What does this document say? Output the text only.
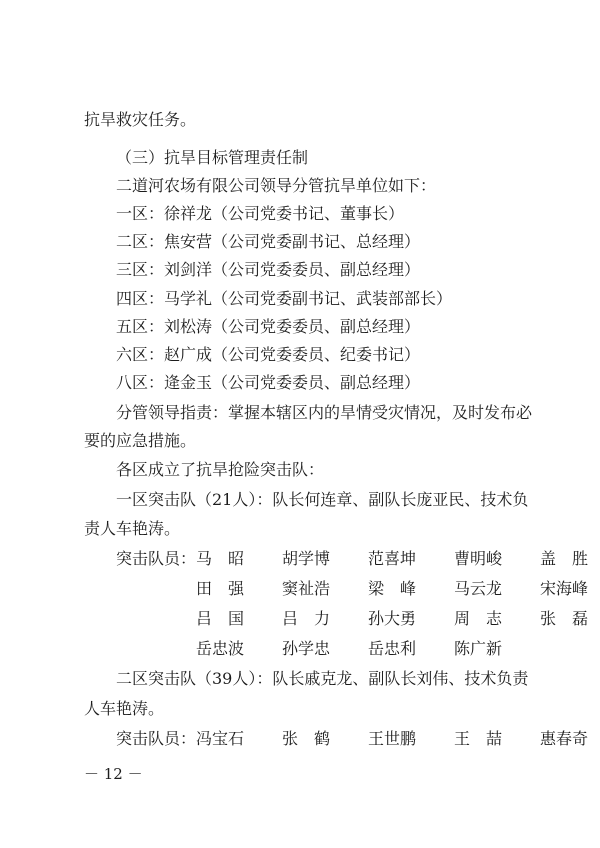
抗旱救灾任务。

（三）抗旱目标管理责任制

二道河农场有限公司领导分管抗旱单位如下：

一区：徐祥龙（公司党委书记、董事长）

二区：焦安营（公司党委副书记、总经理）

三区：刘剑洋（公司党委委员、副总经理）

四区：马学礼（公司党委副书记、武装部部长）

五区：刘松涛（公司党委委员、副总经理）

六区：赵广成（公司党委委员、纪委书记）

八区：逄金玉（公司党委委员、副总经理）

分管领导指责：掌握本辖区内的旱情受灾情况，及时发布必

要的应急措施。

各区成立了抗旱抢险突击队：

一区突击队（21人）：队长何连章、副队长庞亚民、技术负

责人车艳涛。

突击队员： 马　昭	胡学博	范喜坤	曹明峻	盖　胜
田　强	窦祉浩	梁　峰	马云龙	宋海峰
吕　国	吕　力	孙大勇	周　志	张　磊
岳忠波	孙学忠	岳忠利	陈广新

二区突击队（39人）：队长戚克龙、副队长刘伟、技术负责

人车艳涛。

突击队员： 冯宝石	张　鹤	王世鹏	王　喆	惠春奇
－ 12 －
